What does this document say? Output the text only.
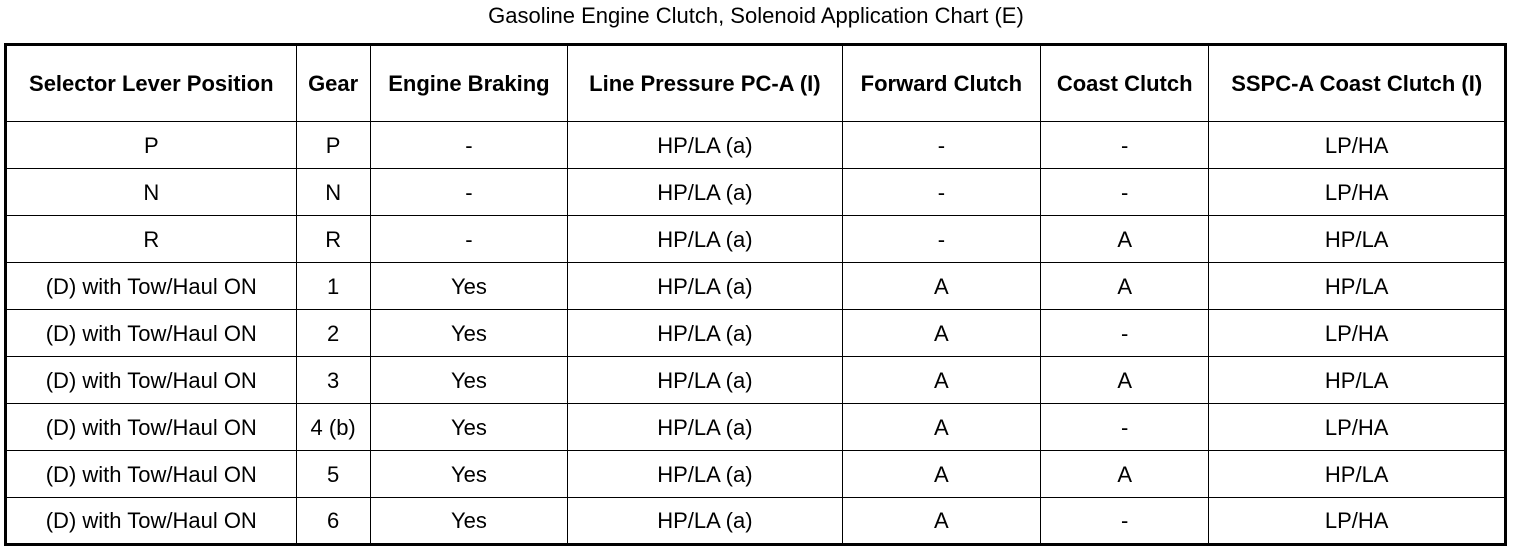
Gasoline Engine Clutch, Solenoid Application Chart (E)
Selector Lever Position	Gear	Engine Braking	Line Pressure PC-A (I)	Forward Clutch	Coast Clutch	SSPC-A Coast Clutch (I)

P	P	-	HP/LA (a)	-	-	LP/HA
N	N	-	HP/LA (a)	-	-	LP/HA
R	R	-	HP/LA (a)	-	A	HP/LA
(D) with Tow/Haul ON	1	Yes	HP/LA (a)	A	A	HP/LA
(D) with Tow/Haul ON	2	Yes	HP/LA (a)	A	-	LP/HA
(D) with Tow/Haul ON	3	Yes	HP/LA (a)	A	A	HP/LA
(D) with Tow/Haul ON	4 (b)	Yes	HP/LA (a)	A	-	LP/HA
(D) with Tow/Haul ON	5	Yes	HP/LA (a)	A	A	HP/LA
(D) with Tow/Haul ON	6	Yes	HP/LA (a)	A	-	LP/HA
